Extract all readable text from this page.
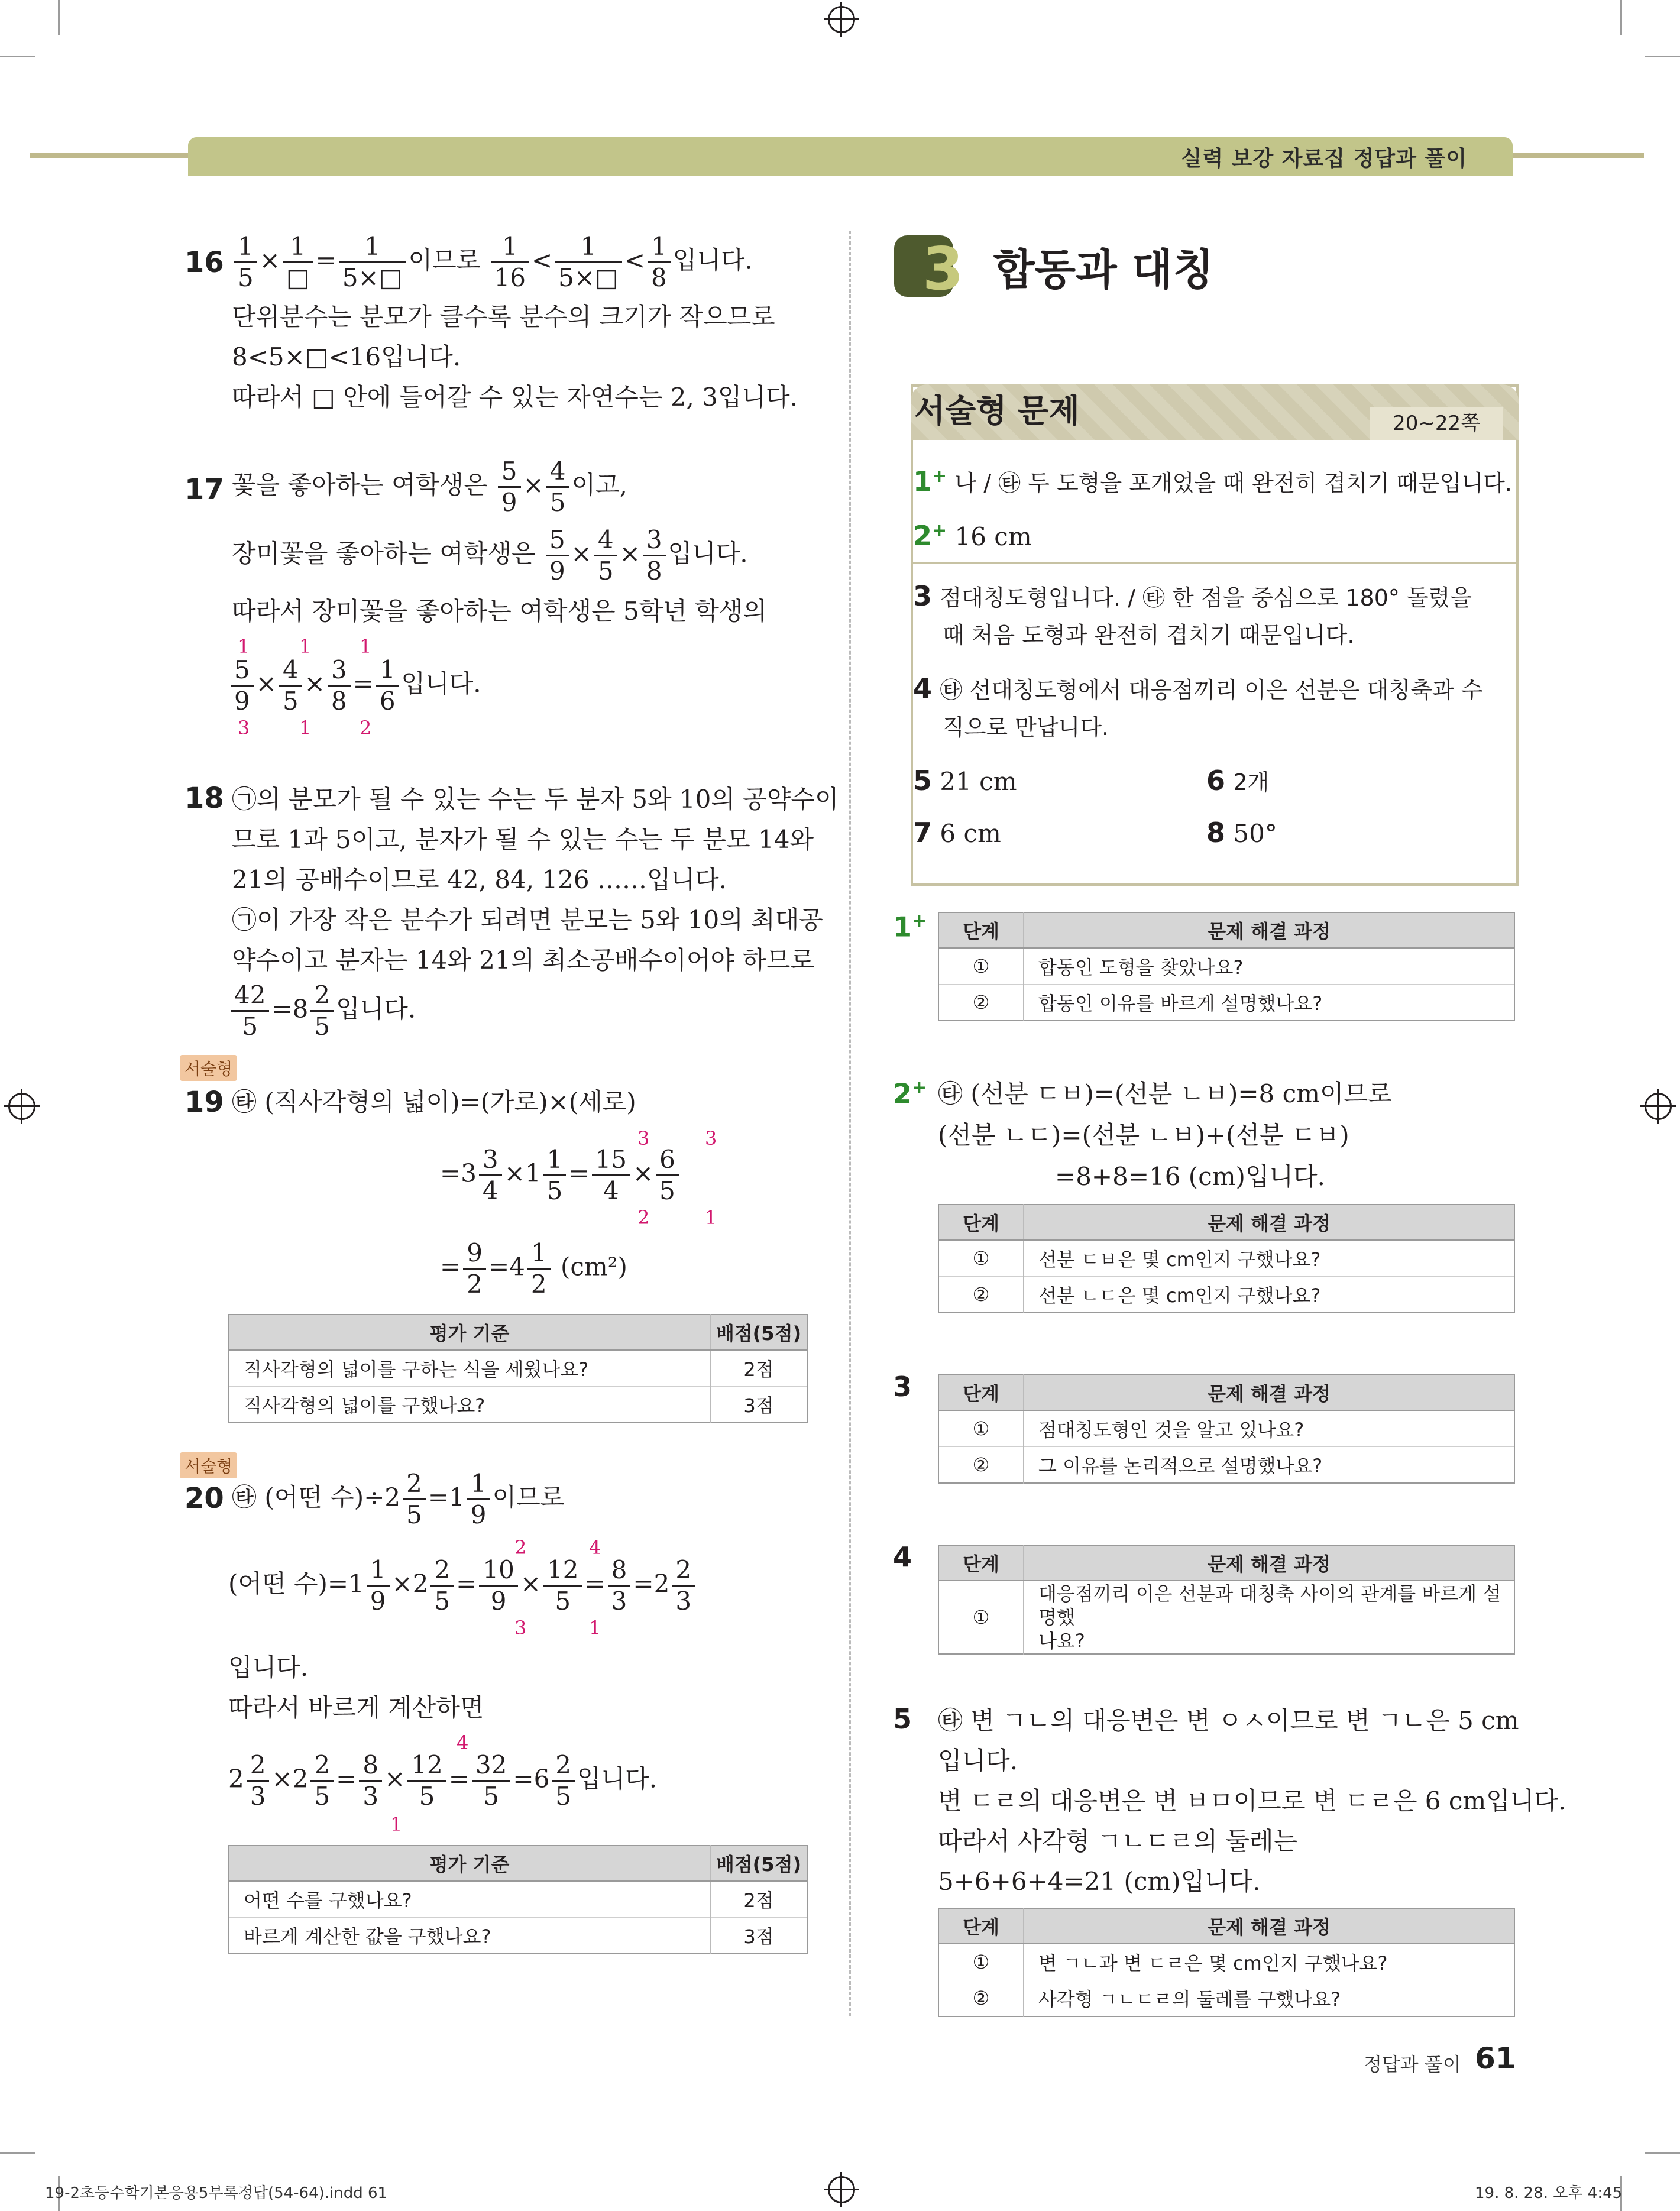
실력 보강 자료집 정답과 풀이
$16 \frac{1}{5} \times \frac{1}{□} = \frac{1}{5\times□}$ 이므로 $\frac{1}{16} < \frac{1}{5\times□} < \frac{1}{8}$ 입니다.
단위분수는 분모가 클수록 분수의 크기가 작으므로
8<5×□<16입니다.
따라서 □ 안에 들어갈 수 있는 자연수는 2, 3입니다.
17 꽃을 좋아하는 여학생은 $\frac{5}{9} \times \frac{4}{5}$ 이고,
장미꽃을 좋아하는 여학생은 $\frac{5}{9} \times \frac{4}{5} \times \frac{3}{8}$ 입니다.
따라서 장미꽃을 좋아하는 여학생은 5학년 학생의
1	1	1
$\frac{5}{9} \times \frac{4}{5} \times \frac{3}{8} = \frac{1}{6}$ 입니다.
3	1	2
18 ㉠의 분모가 될 수 있는 수는 두 분자 5와 10의 공약수이
므로 1과 5이고, 분자가 될 수 있는 수는 두 분모 14와
21의 공배수이므로 42, 84, 126 ……입니다.
㉠이 가장 작은 분수가 되려면 분모는 5와 10의 최대공
약수이고 분자는 14와 21의 최소공배수이어야 하므로
$\frac{42}{5} =8 \frac{2}{5}$ 입니다.
서술형
19 ㉹ (직사각형의 넓이)=(가로)×(세로)
3	3
$=3 \frac{3}{4} \times 1 \frac{1}{5} = \frac{15}{4} \times \frac{6}{5}$
2	1
= $\frac{9}{2} =4 \frac{1}{2} (cm^2)$
평가 기준	배점(5점)
직사각형의 넓이를 구하는 식을 세웠나요?	2점
직사각형의 넓이를 구했나요?	3점
서술형
20 ㉹ (어떤 수)$\div 2 \frac{2}{5} =1 \frac{1}{9}$ 이므로
2	4
(어떤 수)$=1 \frac{1}{9} \times 2 \frac{2}{5} = \frac{10}{9} \times \frac{12}{5} = \frac{8}{3} =2 \frac{2}{3}$
3	1
입니다.
따라서 바르게 계산하면
4
$2 \frac{2}{3} \times 2 \frac{2}{5} = \frac{8}{3} \times \frac{12}{5} = \frac{32}{5} =6 \frac{2}{5}$ 입니다.
1
평가 기준	배점(5점)
어떤 수를 구했나요?	2점
바르게 계산한 값을 구했나요?	3점
3 합동과 대칭
서술형 문제	20~22쪽
1+ 나 / ㉹ 두 도형을 포개었을 때 완전히 겹치기 때문입니다.
2+ 16 cm
3 점대칭도형입니다. / ㉹ 한 점을 중심으로 180° 돌렸을
때 처음 도형과 완전히 겹치기 때문입니다.
4 ㉹ 선대칭도형에서 대응점끼리 이은 선분은 대칭축과 수
직으로 만납니다.
5 21 cm	6 2개
7 6 cm	8 50°
1+ 단계	문제 해결 과정
①	합동인 도형을 찾았나요?
②	합동인 이유를 바르게 설명했나요?
2+ ㉹ (선분 ㄷㅂ)=(선분 ㄴㅂ)=8 cm이므로
(선분 ㄴㄷ)=(선분 ㄴㅂ)+(선분 ㄷㅂ)
=8+8=16 (cm)입니다.
단계	문제 해결 과정
①	선분 ㄷㅂ은 몇 cm인지 구했나요?
②	선분 ㄴㄷ은 몇 cm인지 구했나요?
3	단계	문제 해결 과정
①	점대칭도형인 것을 알고 있나요?
②	그 이유를 논리적으로 설명했나요?
4	단계	문제 해결 과정
①	대응점끼리 이은 선분과 대칭축 사이의 관계를 바르게 설명했
나요?
5 ㉹ 변 ㄱㄴ의 대응변은 변 ㅇㅅ이므로 변 ㄱㄴ은 5 cm
입니다.
변 ㄷㄹ의 대응변은 변 ㅂㅁ이므로 변 ㄷㄹ은 6 cm입니다.
따라서 사각형 ㄱㄴㄷㄹ의 둘레는
5+6+6+4=21 (cm)입니다.
단계	문제 해결 과정
①	변 ㄱㄴ과 변 ㄷㄹ은 몇 cm인지 구했나요?
②	사각형 ㄱㄴㄷㄹ의 둘레를 구했나요?
정답과 풀이 61
19-2초등수학기본응용5부록정답(54-64).indd 61	19. 8. 28. 오후 4:45
